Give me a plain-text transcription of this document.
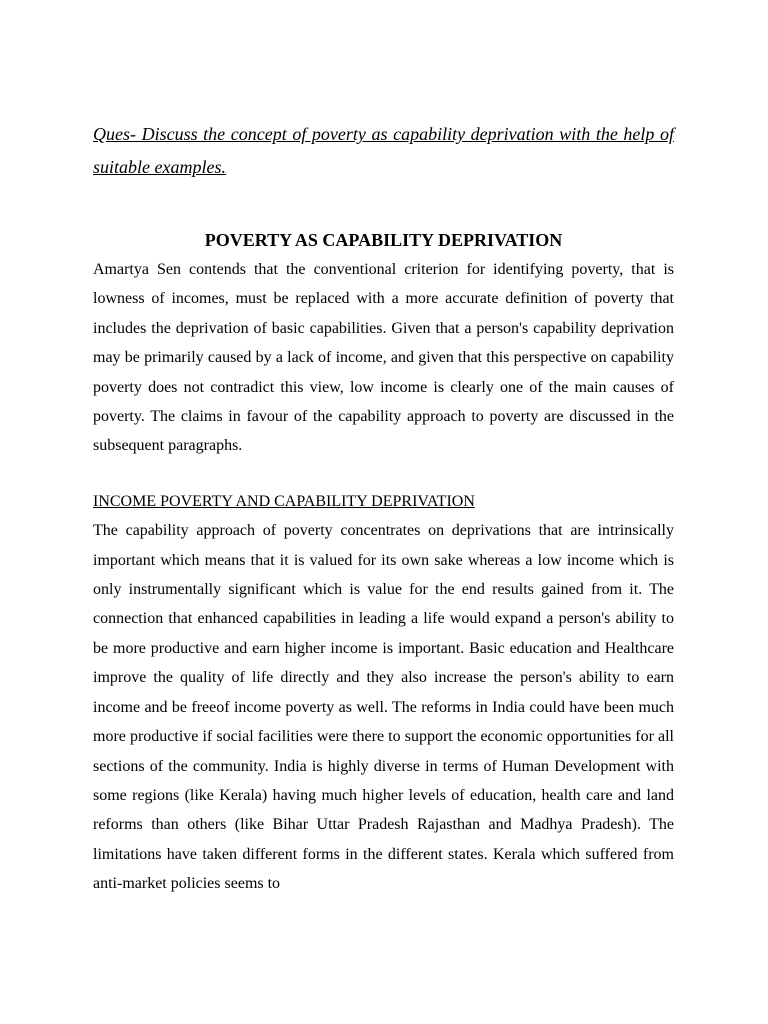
Ques- Discuss the concept of poverty as capability deprivation with the help of suitable examples.

POVERTY AS CAPABILITY DEPRIVATION

Amartya Sen contends that the conventional criterion for identifying poverty, that is lowness of incomes, must be replaced with a more accurate definition of poverty that includes the deprivation of basic capabilities. Given that a person's capability deprivation may be primarily caused by a lack of income, and given that this perspective on capability poverty does not contradict this view, low income is clearly one of the main causes of poverty. The claims in favour of the capability approach to poverty are discussed in the subsequent paragraphs.

INCOME POVERTY AND CAPABILITY DEPRIVATION

The capability approach of poverty concentrates on deprivations that are intrinsically important which means that it is valued for its own sake whereas a low income which is only instrumentally significant which is value for the end results gained from it. The connection that enhanced capabilities in leading a life would expand a person's ability to be more productive and earn higher income is important. Basic education and Healthcare improve the quality of life directly and they also increase the person's ability to earn income and be freeof income poverty as well. The reforms in India could have been much more productive if social facilities were there to support the economic opportunities for all sections of the community. India is highly diverse in terms of Human Development with some regions (like Kerala) having much higher levels of education, health care and land reforms than others (like Bihar Uttar Pradesh Rajasthan and Madhya Pradesh). The limitations have taken different forms in the different states. Kerala which suffered from anti-market policies seems to
